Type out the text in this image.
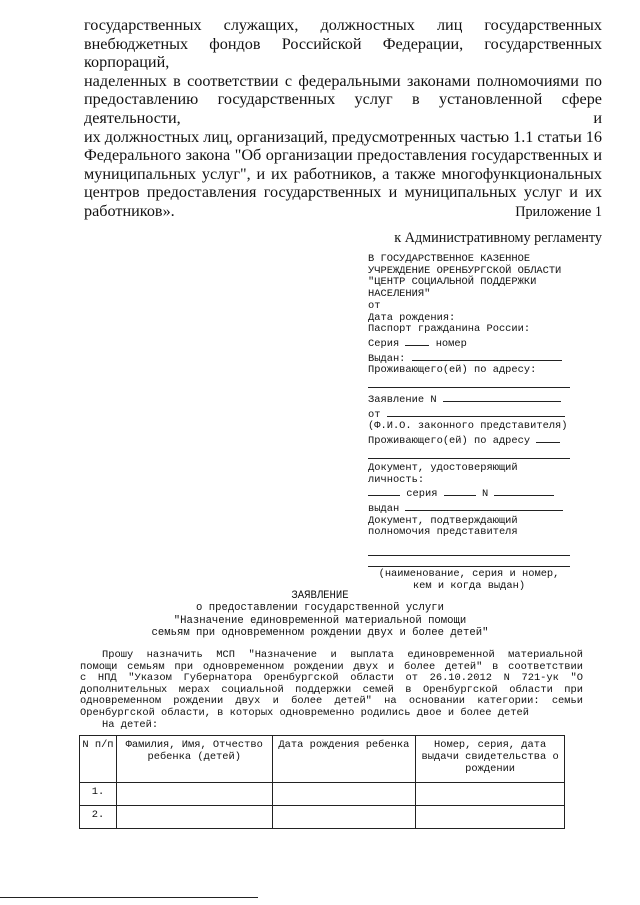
государственных служащих, должностных лиц государственных
внебюджетных фондов Российской Федерации, государственных корпораций,
наделенных в соответствии с федеральными законами полномочиями по
предоставлению государственных услуг в установленной сфере деятельности, и
их должностных лиц, организаций, предусмотренных частью 1.1 статьи 16
Федерального закона "Об организации предоставления государственных и
муниципальных услуг", и их работников, а также многофункциональных
центров предоставления государственных и муниципальных услуг и их
работников».	Приложение 1
к Административному регламенту
В ГОСУДАРСТВЕННОЕ КАЗЕННОЕ
УЧРЕЖДЕНИЕ ОРЕНБУРГСКОЙ ОБЛАСТИ
"ЦЕНТР СОЦИАЛЬНОЙ ПОДДЕРЖКИ
НАСЕЛЕНИЯ"
от
Дата рождения:
Паспорт гражданина России:
Серия	номер
Выдан:
Проживающего(ей) по адресу:
Заявление N
от
(Ф.И.О. законного представителя)
Проживающего(ей) по адресу
Документ, удостоверяющий
личность:
серия	N
выдан
Документ, подтверждающий
полномочия представителя
(наименование, серия и номер,
кем и когда выдан)
ЗАЯВЛЕНИЕ
о предоставлении государственной услуги
"Назначение единовременной материальной помощи
семьям при одновременном рождении двух и более детей"
Прошу назначить МСП "Назначение и выплата единовременной материальной
помощи семьям при одновременном рождении двух и более детей" в соответствии
с НПД "Указом Губернатора Оренбургской области от 26.10.2012 N 721-ук "О
дополнительных мерах социальной поддержки семей в Оренбургской области при
одновременном рождении двух и более детей" на основании категории: семьи
Оренбургской области, в которых одновременно родились двое и более детей
На детей:
N п/п	Фамилия, Имя, Отчество ребенка (детей)	Дата рождения ребенка	Номер, серия, дата выдачи свидетельства о рождении
1.			
2.			
